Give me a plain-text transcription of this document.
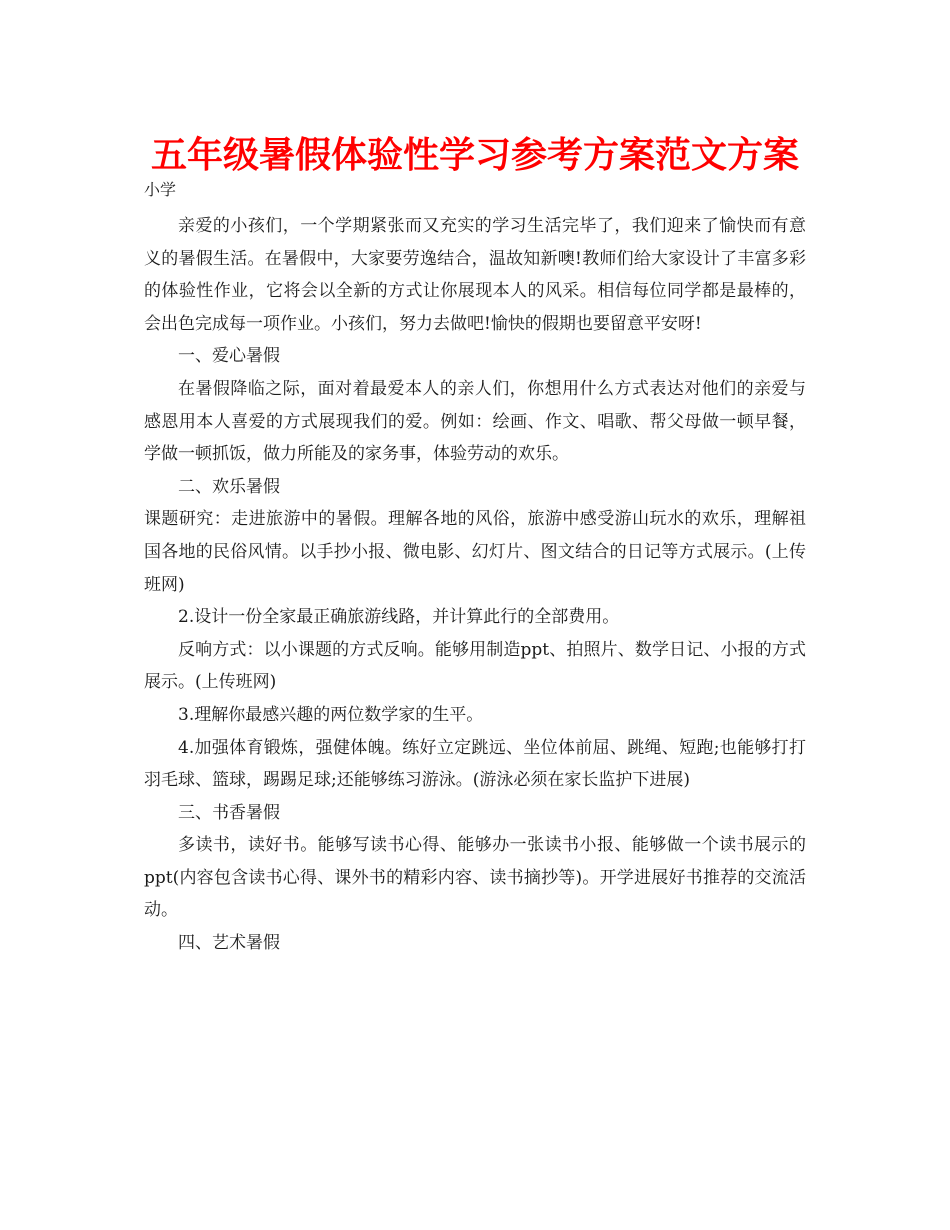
五年级暑假体验性学习参考方案范文方案
小学

亲爱的小孩们，一个学期紧张而又充实的学习生活完毕了，我们迎来了愉快而有意义的暑假生活。在暑假中，大家要劳逸结合，温故知新噢!教师们给大家设计了丰富多彩的体验性作业，它将会以全新的方式让你展现本人的风采。相信每位同学都是最棒的，会出色完成每一项作业。小孩们，努力去做吧!愉快的假期也要留意平安呀!

一、爱心暑假

在暑假降临之际，面对着最爱本人的亲人们，你想用什么方式表达对他们的亲爱与感恩用本人喜爱的方式展现我们的爱。例如：绘画、作文、唱歌、帮父母做一顿早餐，学做一顿抓饭，做力所能及的家务事，体验劳动的欢乐。

二、欢乐暑假

课题研究：走进旅游中的暑假。理解各地的风俗，旅游中感受游山玩水的欢乐，理解祖国各地的民俗风情。以手抄小报、微电影、幻灯片、图文结合的日记等方式展示。(上传班网)

2.设计一份全家最正确旅游线路，并计算此行的全部费用。

反响方式：以小课题的方式反响。能够用制造ppt、拍照片、数学日记、小报的方式展示。(上传班网)

3.理解你最感兴趣的两位数学家的生平。

4.加强体育锻炼，强健体魄。练好立定跳远、坐位体前屈、跳绳、短跑;也能够打打羽毛球、篮球，踢踢足球;还能够练习游泳。(游泳必须在家长监护下进展)

三、书香暑假

多读书，读好书。能够写读书心得、能够办一张读书小报、能够做一个读书展示的ppt(内容包含读书心得、课外书的精彩内容、读书摘抄等)。开学进展好书推荐的交流活动。

四、艺术暑假
